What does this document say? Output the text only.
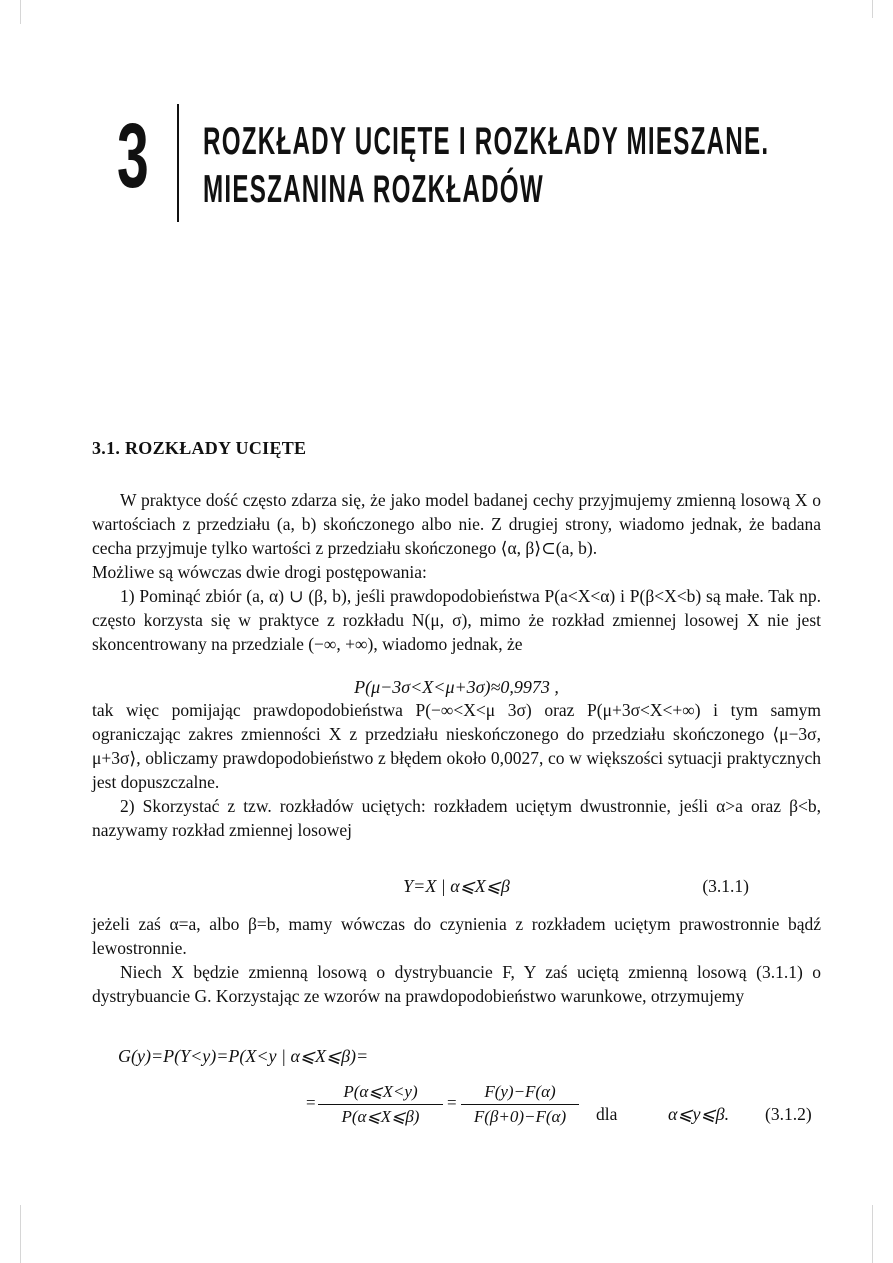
3 ROZKŁADY UCIĘTE I ROZKŁADY MIESZANE.
MIESZANINA ROZKŁADÓW
3.1. ROZKŁADY UCIĘTE

W praktyce dość często zdarza się, że jako model badanej cechy przyjmujemy zmienną losową X o wartościach z przedziału (a, b) skończonego albo nie. Z drugiej strony, wiadomo jednak, że badana cecha przyjmuje tylko wartości z przedziału skończonego ⟨α, β⟩⊂(a, b).

Możliwe są wówczas dwie drogi postępowania:

1) Pominąć zbiór (a, α) ∪ (β, b), jeśli prawdopodobieństwa P(a<X<α) i P(β<X<b) są małe. Tak np. często korzysta się w praktyce z rozkładu N(μ, σ), mimo że rozkład zmiennej losowej X nie jest skoncentrowany na przedziale (−∞, +∞), wiadomo jednak, że

P(μ−3σ<X<μ+3σ)≈0,9973 ,

tak więc pomijając prawdopodobieństwa P(−∞<X<μ 3σ) oraz P(μ+3σ<X<+∞) i tym samym ograniczając zakres zmienności X z przedziału nieskończonego do przedziału skończonego ⟨μ−3σ, μ+3σ⟩, obliczamy prawdopodobieństwo z błędem około 0,0027, co w większości sytuacji praktycznych jest dopuszczalne.

2) Skorzystać z tzw. rozkładów uciętych: rozkładem uciętym dwustronnie, jeśli α>a oraz β<b, nazywamy rozkład zmiennej losowej

Y=X | α⩽X⩽β	(3.1.1)

jeżeli zaś α=a, albo β=b, mamy wówczas do czynienia z rozkładem uciętym prawostronnie bądź lewostronnie.

Niech X będzie zmienną losową o dystrybuancie F, Y zaś uciętą zmienną losową (3.1.1) o dystrybuancie G. Korzystając ze wzorów na prawdopodobieństwo warunkowe, otrzymujemy

G(y)=P(Y<y)=P(X<y | α⩽X⩽β)=
=
P(α⩽X<y)
P(α⩽X⩽β)
=
F(y)−F(α)
F(β+0)−F(α)	dla	α⩽y⩽β. (3.1.2)
